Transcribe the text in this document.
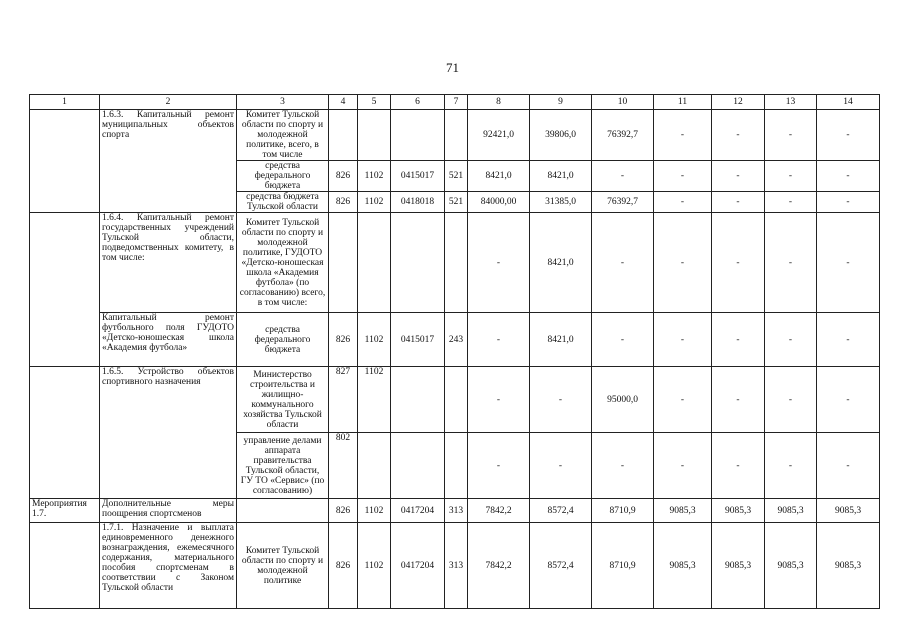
71
1	2	3	4	5	6	7	8	9	10	11	12	13	14
	1.6.3. Капитальный ремонт муниципальных объектов спорта	Комитет Тульской области по спорту и молодежной политике, всего, в том числе					92421,0	39806,0	76392,7	-	-	-	-
		средства федерального бюджета	826	1102	0415017	521	8421,0	8421,0	-	-	-	-	-
		средства бюджета Тульской области	826	1102	0418018	521	84000,00	31385,0	76392,7	-	-	-	-
	1.6.4. Капитальный ремонт государственных учреждений Тульской области, подведомственных комитету, в том числе:	Комитет Тульской области по спорту и молодежной политике, ГУДОТО «Детско-юношеская школа «Академия футбола» (по согласованию) всего, в том числе:					-	8421,0	-	-	-	-	-
	Капитальный ремонт футбольного поля ГУДОТО «Детско-юношеская школа «Академия футбола»	средства федерального бюджета	826	1102	0415017	243	-	8421,0	-	-	-	-	-
	1.6.5. Устройство объектов спортивного назначения	Министерство строительства и жилищно-коммунального хозяйства Тульской области	827	1102			-	-	95000,0	-	-	-	-
		управление делами аппарата правительства Тульской области, ГУ ТО «Сервис» (по согласованию)	802				-	-	-	-	-	-	-
Мероприятия 1.7.	Дополнительные меры поощрения спортсменов		826	1102	0417204	313	7842,2	8572,4	8710,9	9085,3	9085,3	9085,3	9085,3
	1.7.1. Назначение и выплата единовременного денежного вознаграждения, ежемесячного содержания, материального пособия спортсменам в соответствии с Законом Тульской области	Комитет Тульской области по спорту и молодежной политике	826	1102	0417204	313	7842,2	8572,4	8710,9	9085,3	9085,3	9085,3	9085,3
